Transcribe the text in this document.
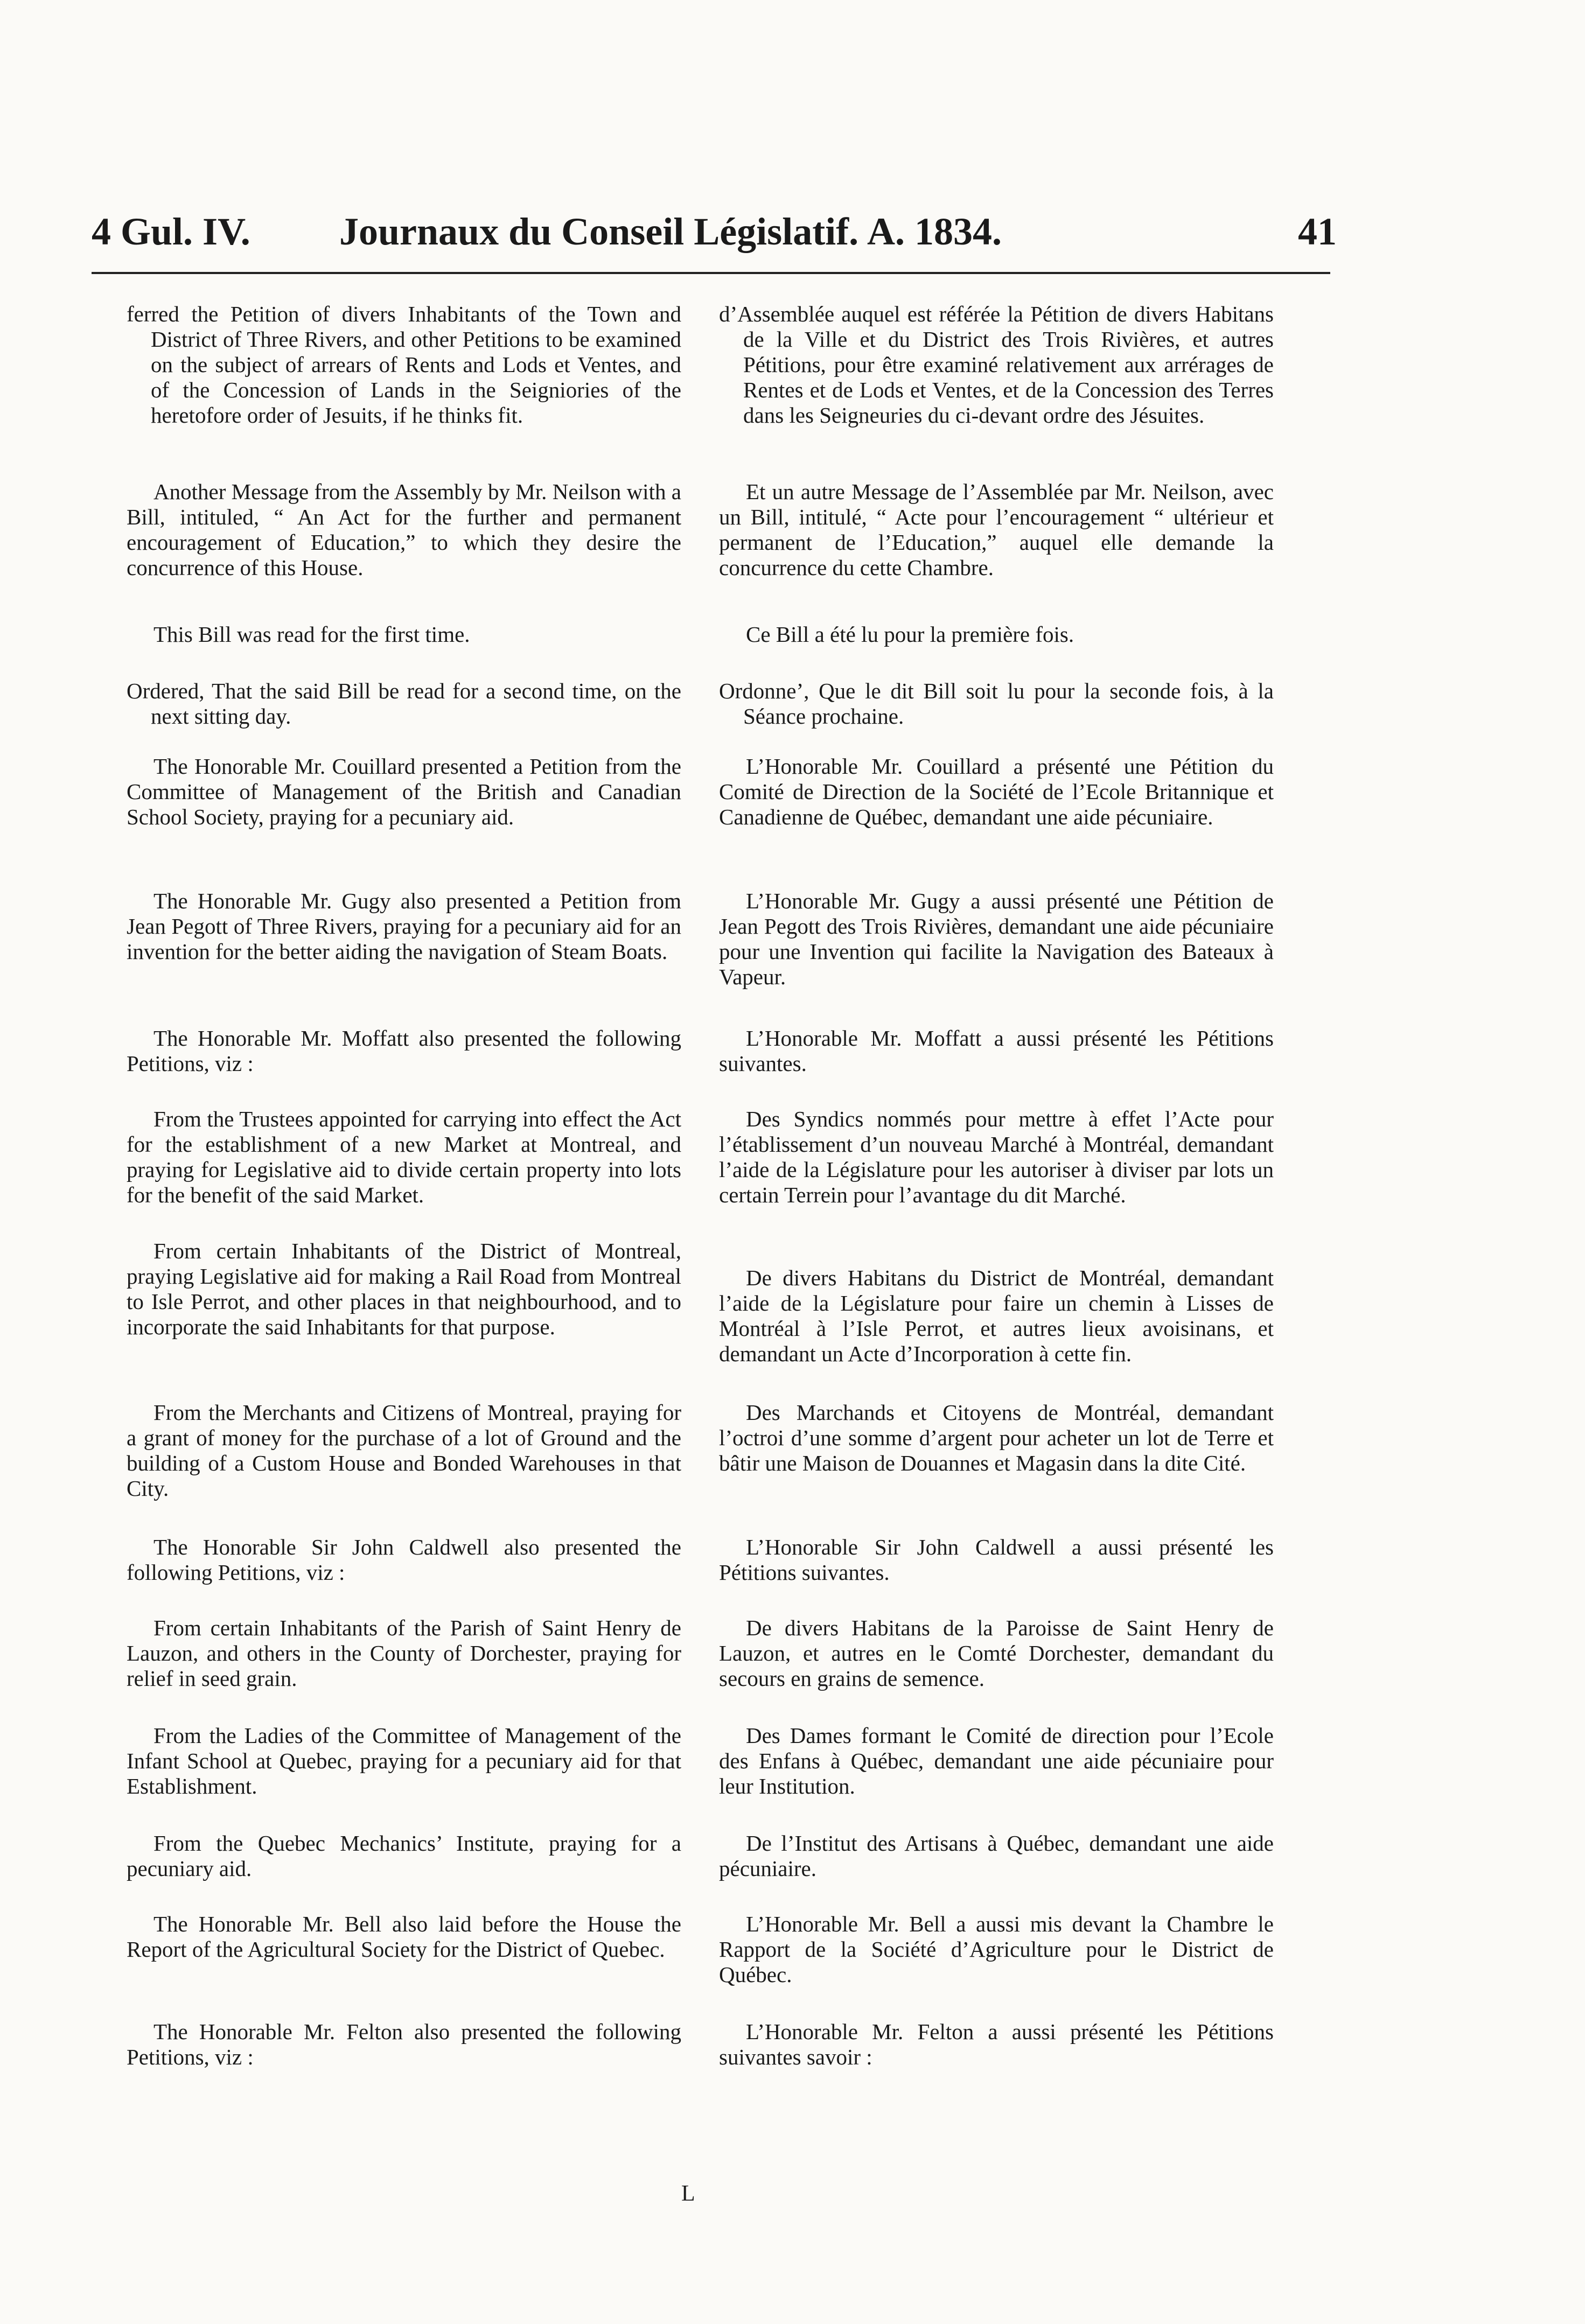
4 Gul. IV. Journaux du Conseil Législatif. A. 1834.	41
ferred the Petition of divers Inhabitants of the Town and District of Three Rivers, and other Petitions to be examined on the subject of arrears of Rents and Lods et Ventes, and of the Concession of Lands in the Seigniories of the heretofore order of Jesuits, if he thinks fit.
Another Message from the Assembly by Mr. Neilson with a Bill, intituled, “ An Act for the further and permanent encouragement of Education,” to which they desire the concurrence of this House.
This Bill was read for the first time.
Ordered, That the said Bill be read for a second time, on the next sitting day.
The Honorable Mr. Couillard presented a Petition from the Committee of Management of the British and Canadian School Society, praying for a pecuniary aid.
The Honorable Mr. Gugy also presented a Petition from Jean Pegott of Three Rivers, praying for a pecuniary aid for an invention for the better aiding the navigation of Steam Boats.
The Honorable Mr. Moffatt also presented the following Petitions, viz :
From the Trustees appointed for carrying into effect the Act for the establishment of a new Market at Montreal, and praying for Legislative aid to divide certain property into lots for the benefit of the said Market.
From certain Inhabitants of the District of Montreal, praying Legislative aid for making a Rail Road from Montreal to Isle Perrot, and other places in that neighbourhood, and to incorporate the said Inhabitants for that purpose.
From the Merchants and Citizens of Montreal, praying for a grant of money for the purchase of a lot of Ground and the building of a Custom House and Bonded Warehouses in that City.
The Honorable Sir John Caldwell also presented the following Petitions, viz :
From certain Inhabitants of the Parish of Saint Henry de Lauzon, and others in the County of Dorchester, praying for relief in seed grain.
From the Ladies of the Committee of Management of the Infant School at Quebec, praying for a pecuniary aid for that Establishment.
From the Quebec Mechanics’ Institute, praying for a pecuniary aid.
The Honorable Mr. Bell also laid before the House the Report of the Agricultural Society for the District of Quebec.
The Honorable Mr. Felton also presented the following Petitions, viz :
d’Assemblée auquel est référée la Pétition de divers Habitans de la Ville et du District des Trois Rivières, et autres Pétitions, pour être examiné relativement aux arrérages de Rentes et de Lods et Ventes, et de la Concession des Terres dans les Seigneuries du ci-devant ordre des Jésuites.
Et un autre Message de l’Assemblée par Mr. Neilson, avec un Bill, intitulé, “ Acte pour l’encouragement “ ultérieur et permanent de l’Education,” auquel elle demande la concurrence du cette Chambre.
Ce Bill a été lu pour la première fois.
Ordonne’, Que le dit Bill soit lu pour la seconde fois, à la Séance prochaine.
L’Honorable Mr. Couillard a présenté une Pétition du Comité de Direction de la Société de l’Ecole Britannique et Canadienne de Québec, demandant une aide pécuniaire.
L’Honorable Mr. Gugy a aussi présenté une Pétition de Jean Pegott des Trois Rivières, demandant une aide pécuniaire pour une Invention qui facilite la Navigation des Bateaux à Vapeur.
L’Honorable Mr. Moffatt a aussi présenté les Pétitions suivantes.
Des Syndics nommés pour mettre à effet l’Acte pour l’établissement d’un nouveau Marché à Montréal, demandant l’aide de la Législature pour les autoriser à diviser par lots un certain Terrein pour l’avantage du dit Marché.
De divers Habitans du District de Montréal, demandant l’aide de la Législature pour faire un chemin à Lisses de Montréal à l’Isle Perrot, et autres lieux avoisinans, et demandant un Acte d’Incorporation à cette fin.
Des Marchands et Citoyens de Montréal, demandant l’octroi d’une somme d’argent pour acheter un lot de Terre et bâtir une Maison de Douannes et Magasin dans la dite Cité.
L’Honorable Sir John Caldwell a aussi présenté les Pétitions suivantes.
De divers Habitans de la Paroisse de Saint Henry de Lauzon, et autres en le Comté Dorchester, demandant du secours en grains de semence.
Des Dames formant le Comité de direction pour l’Ecole des Enfans à Québec, demandant une aide pécuniaire pour leur Institution.
De l’Institut des Artisans à Québec, demandant une aide pécuniaire.
L’Honorable Mr. Bell a aussi mis devant la Chambre le Rapport de la Société d’Agriculture pour le District de Québec.
L’Honorable Mr. Felton a aussi présenté les Pétitions suivantes savoir :
L
